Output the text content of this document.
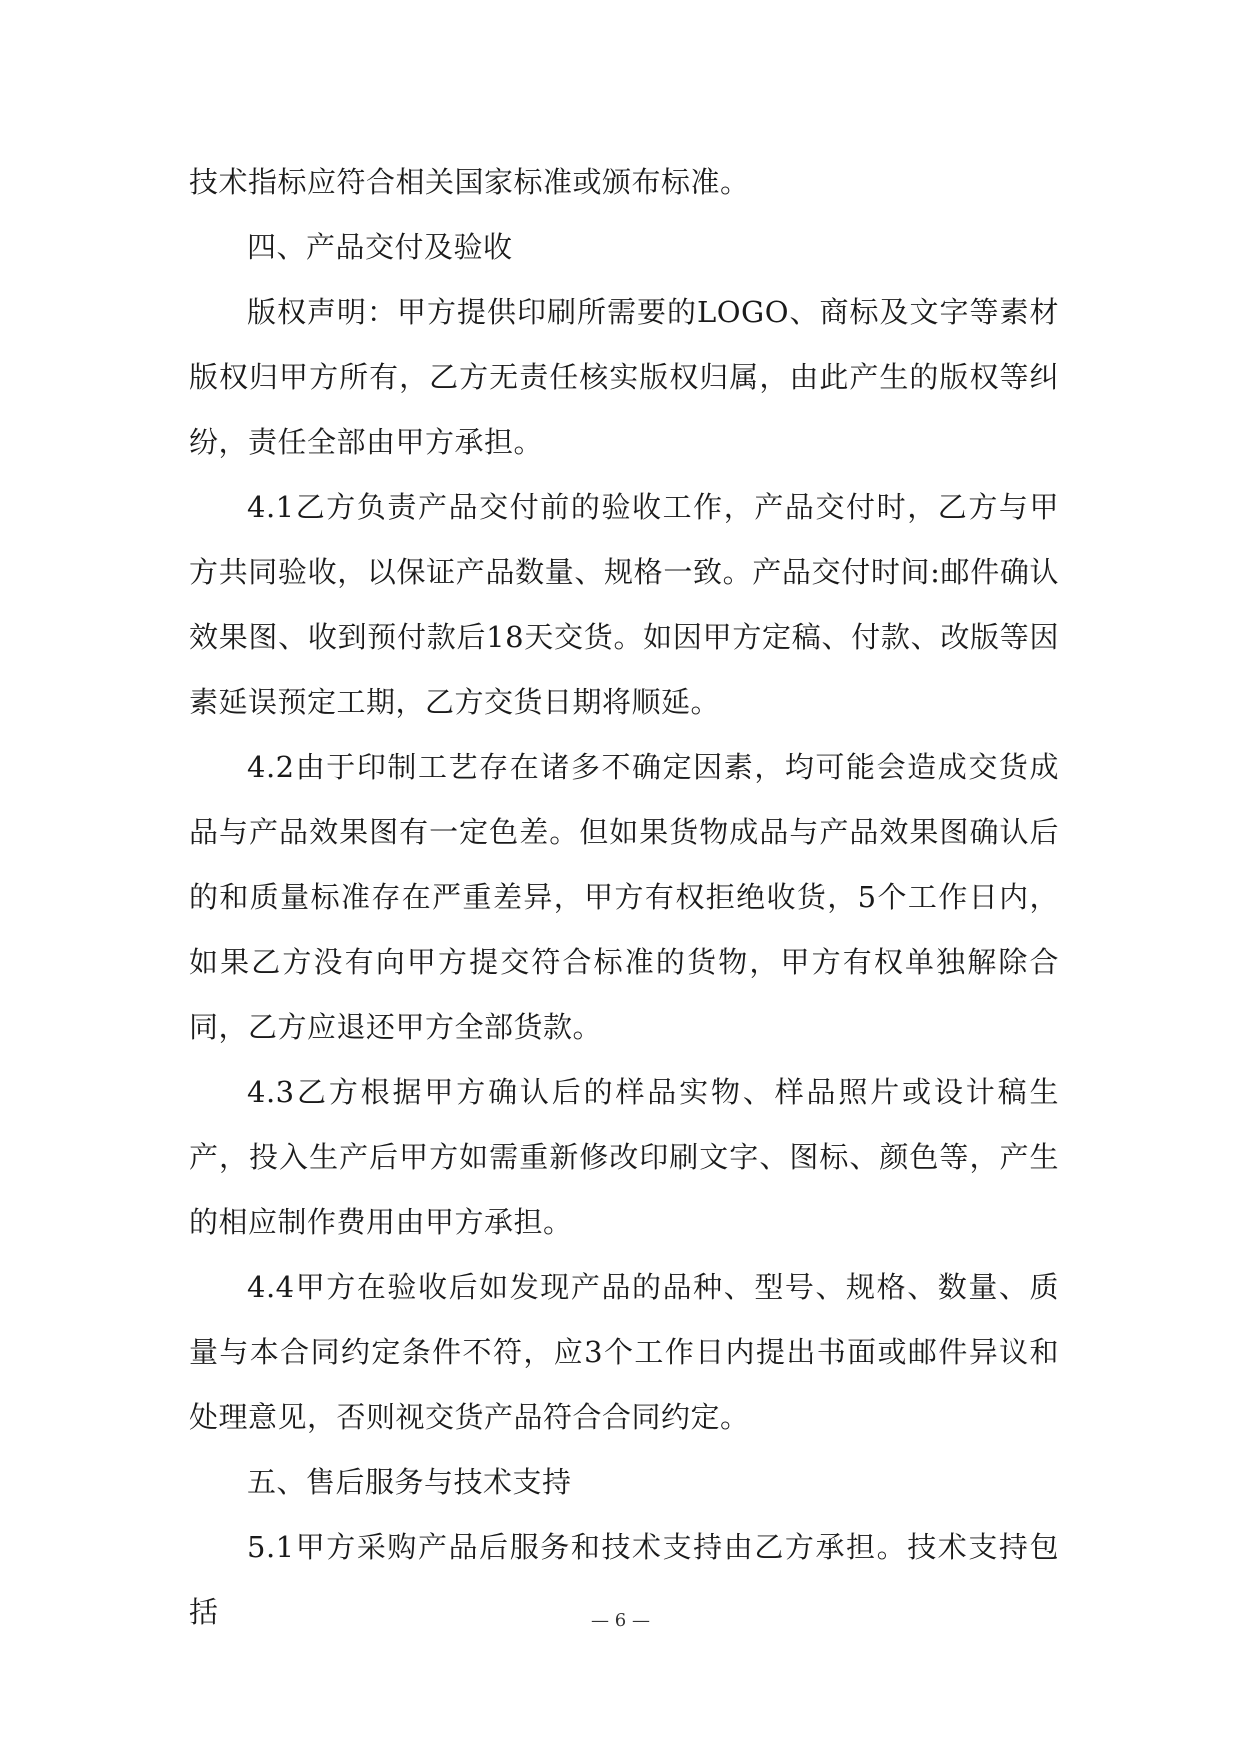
技术指标应符合相关国家标准或颁布标准。

四、产品交付及验收

版权声明：甲方提供印刷所需要的LOGO、商标及文字等素材版权归甲方所有，乙方无责任核实版权归属，由此产生的版权等纠纷，责任全部由甲方承担。

4.1乙方负责产品交付前的验收工作，产品交付时，乙方与甲方共同验收，以保证产品数量、规格一致。产品交付时间:邮件确认效果图、收到预付款后18天交货。如因甲方定稿、付款、改版等因素延误预定工期，乙方交货日期将顺延。

4.2由于印制工艺存在诸多不确定因素，均可能会造成交货成品与产品效果图有一定色差。但如果货物成品与产品效果图确认后的和质量标准存在严重差异，甲方有权拒绝收货，5个工作日内，如果乙方没有向甲方提交符合标准的货物，甲方有权单独解除合同，乙方应退还甲方全部货款。

4.3乙方根据甲方确认后的样品实物、样品照片或设计稿生产，投入生产后甲方如需重新修改印刷文字、图标、颜色等，产生的相应制作费用由甲方承担。

4.4甲方在验收后如发现产品的品种、型号、规格、数量、质量与本合同约定条件不符，应3个工作日内提出书面或邮件异议和处理意见，否则视交货产品符合合同约定。

五、售后服务与技术支持

5.1甲方采购产品后服务和技术支持由乙方承担。技术支持包括	— 6 —
